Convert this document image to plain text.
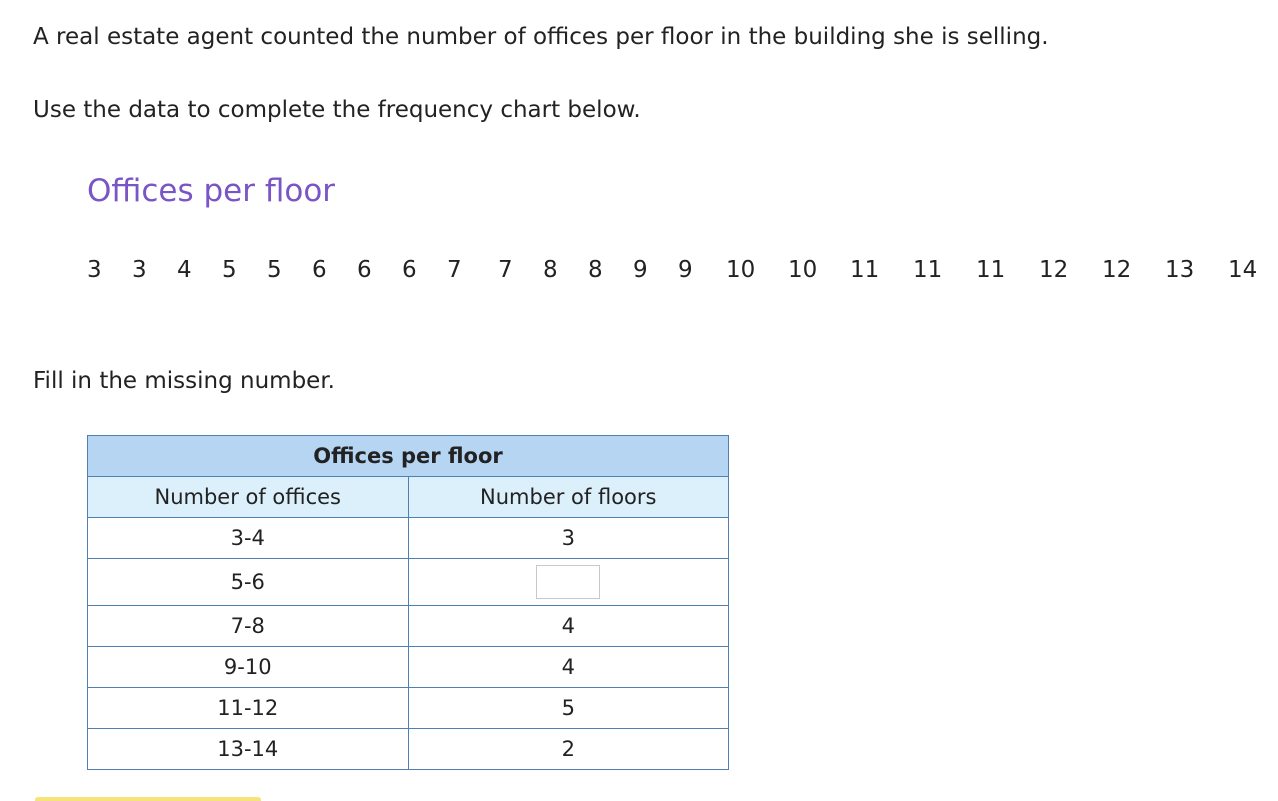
A real estate agent counted the number of offices per floor in the building she is selling.

Use the data to complete the frequency chart below.

Offices per floor
3 3 4 5 5 6 6 6 7 7 8 8 9 9 10 10 11 11 11 12 12 13 14

Fill in the missing number.

Offices per floor	
Number of offices	Number of floors
3-4	3
5-6	
7-8	4
9-10	4
11-12	5
13-14	2
